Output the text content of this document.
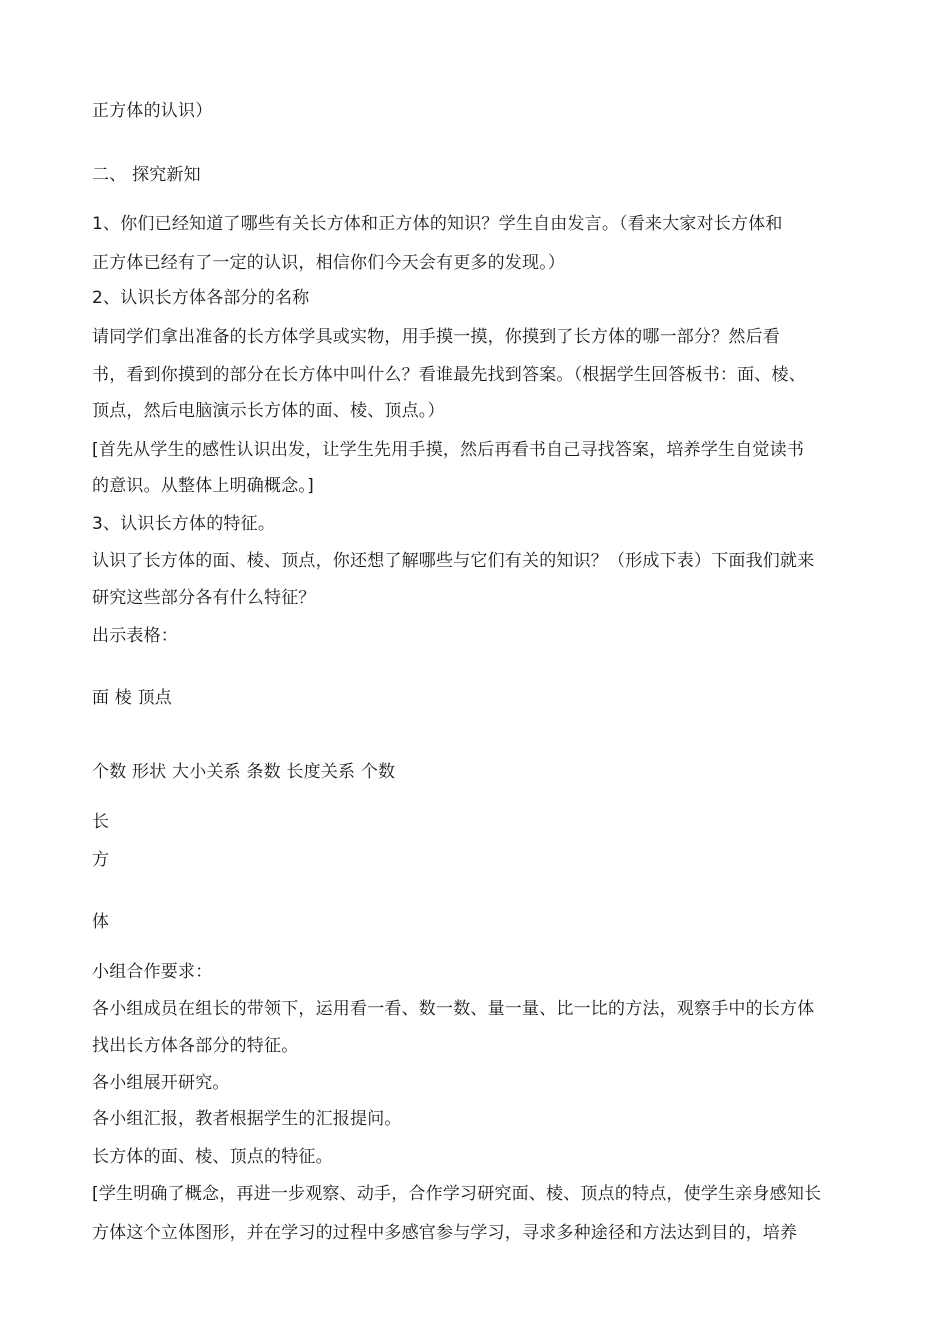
正方体的认识）

二、 探究新知

1、你们已经知道了哪些有关长方体和正方体的知识？学生自由发言。（看来大家对长方体和

正方体已经有了一定的认识，相信你们今天会有更多的发现。）

2、认识长方体各部分的名称

请同学们拿出准备的长方体学具或实物，用手摸一摸，你摸到了长方体的哪一部分？然后看

书，看到你摸到的部分在长方体中叫什么？看谁最先找到答案。（根据学生回答板书：面、棱、

顶点，然后电脑演示长方体的面、棱、顶点。）

[首先从学生的感性认识出发，让学生先用手摸，然后再看书自己寻找答案，培养学生自觉读书

的意识。从整体上明确概念。]

3、认识长方体的特征。

认识了长方体的面、棱、顶点，你还想了解哪些与它们有关的知识？（形成下表）下面我们就来

研究这些部分各有什么特征？

出示表格：

面 棱 顶点

个数 形状 大小关系 条数 长度关系 个数

长

方

体

小组合作要求：

各小组成员在组长的带领下，运用看一看、数一数、量一量、比一比的方法，观察手中的长方体

找出长方体各部分的特征。

各小组展开研究。

各小组汇报，教者根据学生的汇报提问。

长方体的面、棱、顶点的特征。

[学生明确了概念，再进一步观察、动手，合作学习研究面、棱、顶点的特点，使学生亲身感知长

方体这个立体图形，并在学习的过程中多感官参与学习，寻求多种途径和方法达到目的，培养
